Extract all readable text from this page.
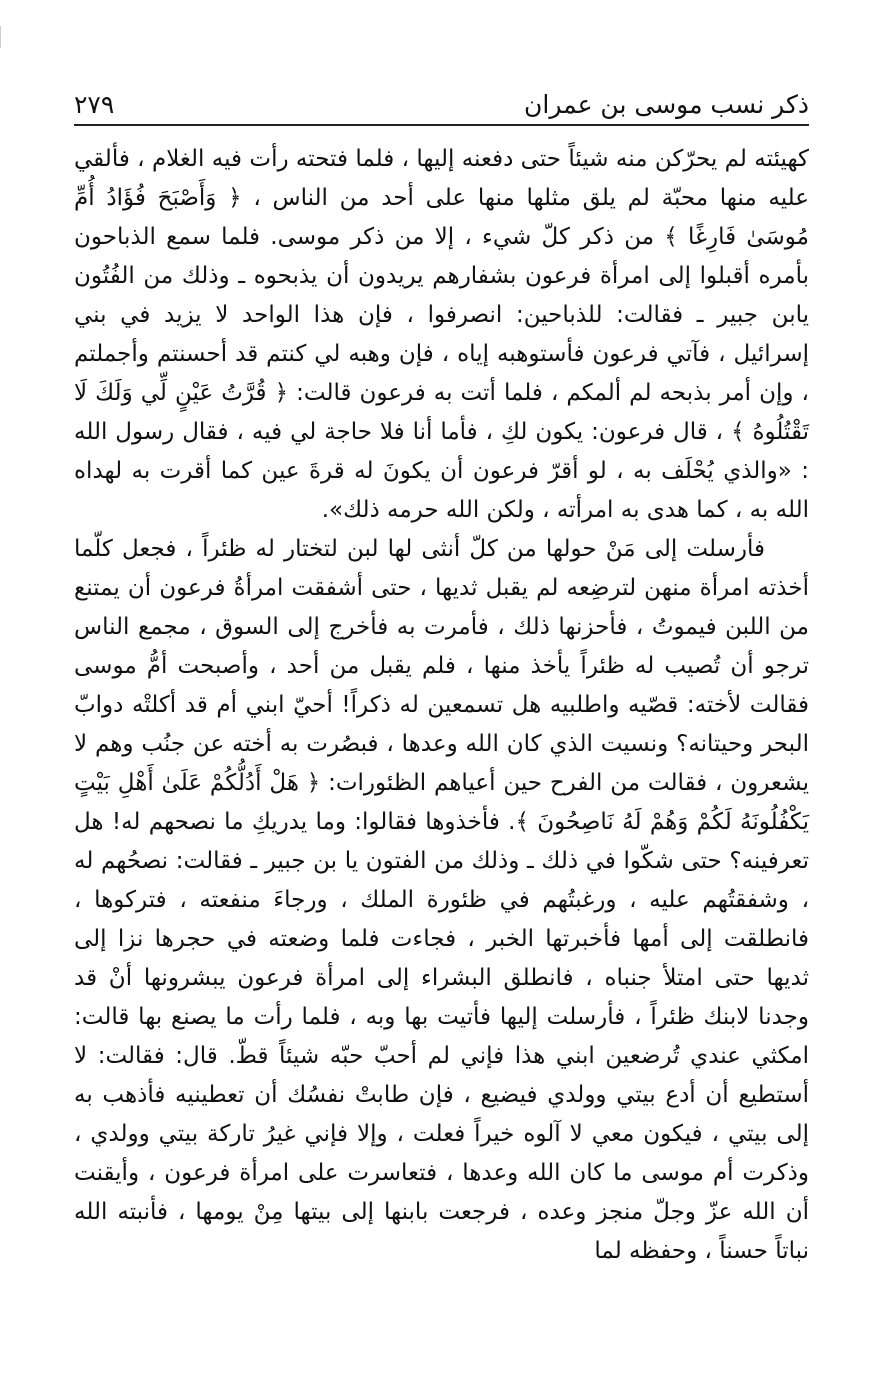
ذكر نسب موسى بن عمران
٢٧٩

كهيئته لم يحرّكن منه شيئاً حتى دفعنه إليها ، فلما فتحته رأت فيه الغلام ، فألقي عليه منها محبّة لم يلق مثلها منها على أحد من الناس ، ﴿ وَأَصْبَحَ فُؤَادُ أُمِّ مُوسَىٰ فَارِغًا ﴾ من ذكر كلّ شيء ، إلا من ذكر موسى. فلما سمع الذباحون بأمره أقبلوا إلى امرأة فرعون بشفارهم يريدون أن يذبحوه ـ وذلك من الفُتُون يابن جبير ـ فقالت: للذباحين: انصرفوا ، فإن هذا الواحد لا يزيد في بني إسرائيل ، فآتي فرعون فأستوهبه إياه ، فإن وهبه لي كنتم قد أحسنتم وأجملتم ، وإن أمر بذبحه لم ألمكم ، فلما أتت به فرعون قالت: ﴿ قُرَّتُ عَيْنٍ لِّي وَلَكَ لَا تَقْتُلُوهُ ﴾ ، قال فرعون: يكون لكِ ، فأما أنا فلا حاجة لي فيه ، فقال رسول الله : «والذي يُحْلَف به ، لو أقرّ فرعون أن يكونَ له قرةَ عين كما أقرت به لهداه الله به ، كما هدى به امرأته ، ولكن الله حرمه ذلك».

فأرسلت إلى مَنْ حولها من كلّ أنثى لها لبن لتختار له ظئراً ، فجعل كلّما أخذته امرأة منهن لترضِعه لم يقبل ثديها ، حتى أشفقت امرأةُ فرعون أن يمتنع من اللبن فيموتُ ، فأحزنها ذلك ، فأمرت به فأخرج إلى السوق ، مجمع الناس ترجو أن تُصيب له ظئراً يأخذ منها ، فلم يقبل من أحد ، وأصبحت أمُّ موسى فقالت لأخته: قصّيه واطلبيه هل تسمعين له ذكراً! أحيّ ابني أم قد أكلتْه دوابّ البحر وحيتانه؟ ونسيت الذي كان الله وعدها ، فبصُرت به أخته عن جنُب وهم لا يشعرون ، فقالت من الفرح حين أعياهم الظئورات: ﴿ هَلْ أَدُلُّكُمْ عَلَىٰ أَهْلِ بَيْتٍ يَكْفُلُونَهُ لَكُمْ وَهُمْ لَهُ نَاصِحُونَ ﴾. فأخذوها فقالوا: وما يدريكِ ما نصحهم له! هل تعرفينه؟ حتى شكّوا في ذلك ـ وذلك من الفتون يا بن جبير ـ فقالت: نصحُهم له ، وشفقتُهم عليه ، ورغبتُهم في ظئورة الملك ، ورجاءَ منفعته ، فتركوها ، فانطلقت إلى أمها فأخبرتها الخبر ، فجاءت فلما وضعته في حجرها نزا إلى ثديها حتى امتلأ جنباه ، فانطلق البشراء إلى امرأة فرعون يبشرونها أنْ قد وجدنا لابنك ظئراً ، فأرسلت إليها فأتيت بها وبه ، فلما رأت ما يصنع بها قالت: امكثي عندي تُرضعين ابني هذا فإني لم أحبّ حبّه شيئاً قطّ. قال: فقالت: لا أستطيع أن أدع بيتي وولدي فيضيع ، فإن طابتْ نفسُك أن تعطينيه فأذهب به إلى بيتي ، فيكون معي لا آلوه خيراً فعلت ، وإلا فإني غيرُ تاركة بيتي وولدي ، وذكرت أم موسى ما كان الله وعدها ، فتعاسرت على امرأة فرعون ، وأيقنت أن الله عزّ وجلّ منجز وعده ، فرجعت بابنها إلى بيتها مِنْ يومها ، فأنبته الله نباتاً حسناً ، وحفظه لما
